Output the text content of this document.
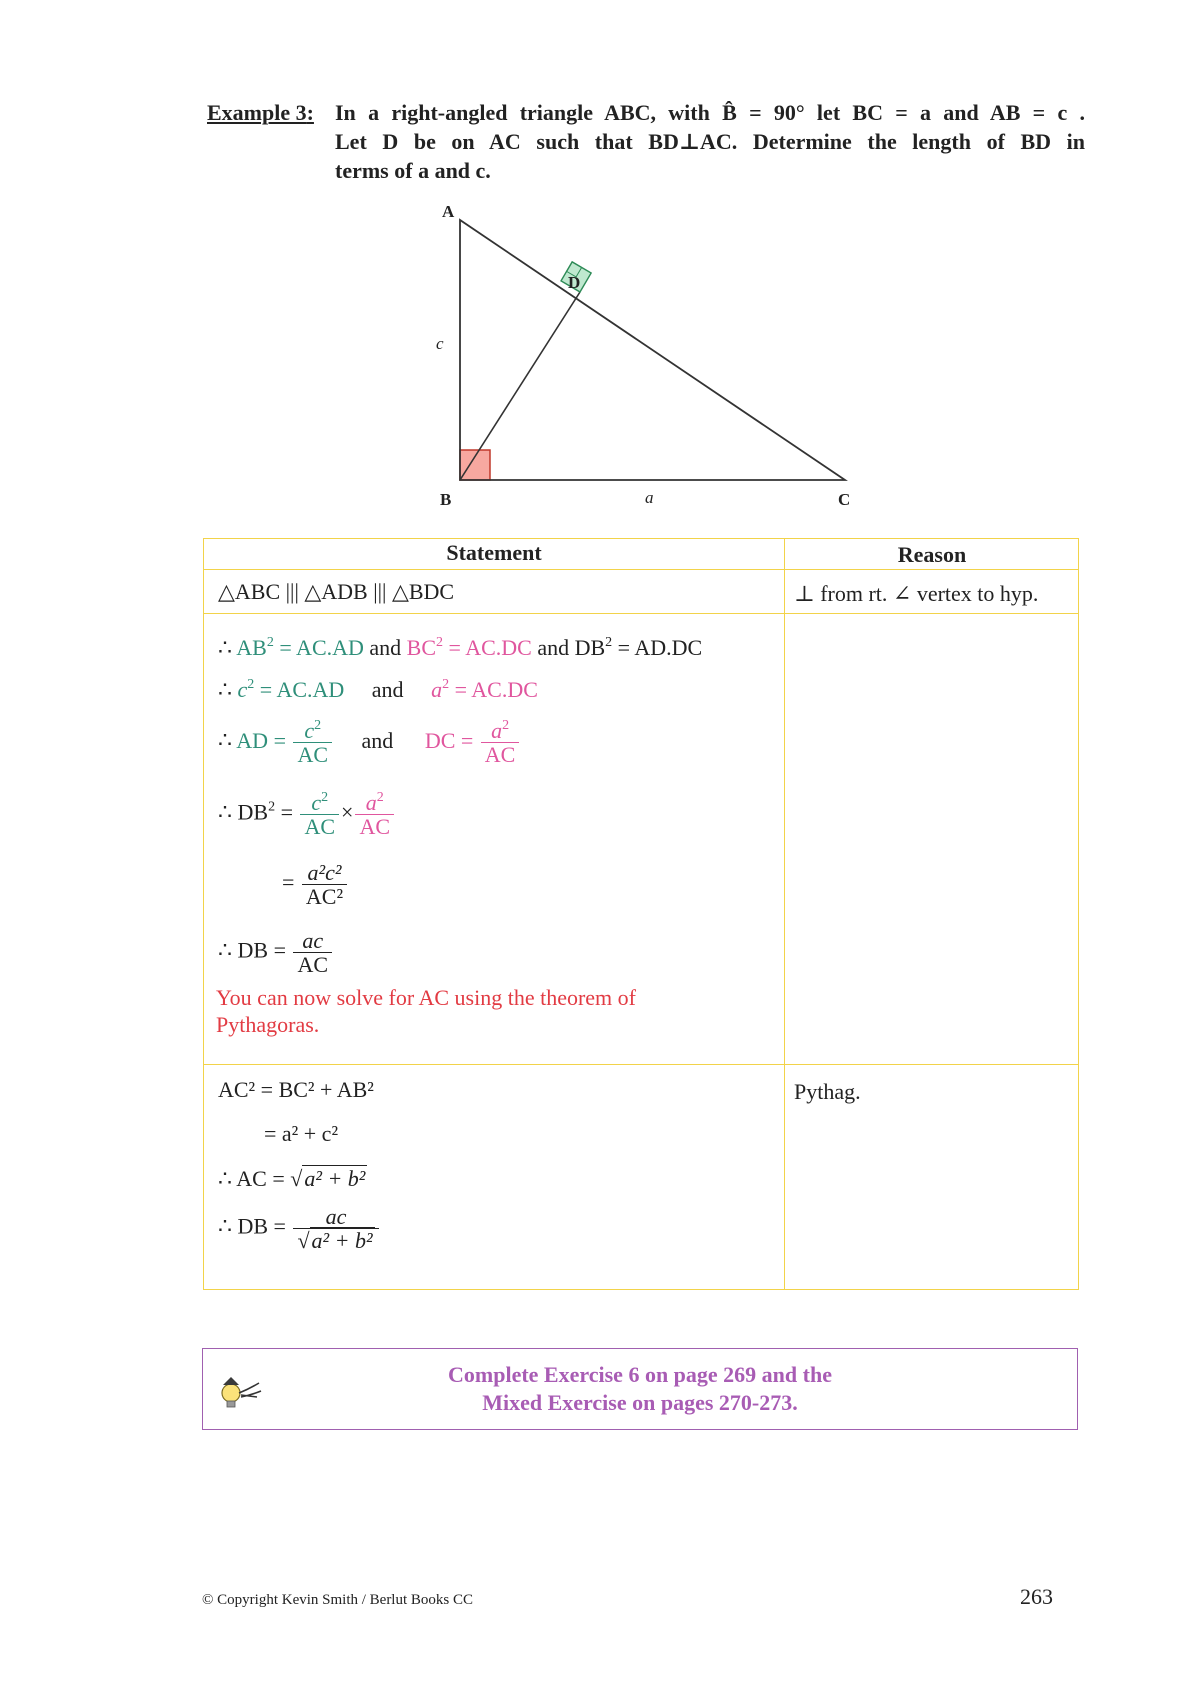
Example 3: In a right-angled triangle ABC, with B̂ = 90° let BC = a and AB = c .
Let D be on AC such that BD⊥AC. Determine the length of BD in
terms of a and c.
A
D
c
B	a	C
Statement	Reason
△ABC ||| △ADB ||| △BDC	⊥ from rt. ∠ vertex to hyp.
∴ $AB^2 = AC.AD$ and $BC^2 = AC.DC$ and $DB^2 = AD.DC$
∴ $c^2 = AC.AD$ and $a^2 = AC.DC$
∴ AD = $\frac{c^2}{AC}$ and DC = $\frac{a^2}{AC}$
∴ $DB^2 = \frac{c^2}{AC} \times \frac{a^2}{AC}$
= $\frac{\text{a²c²}}{\text{AC²}}$
∴ DB = $\frac{ac}{AC}$
You can now solve for AC using the theorem of
Pythagoras.
AC² = BC² + AB²	Pythag.
= a² + c²
∴ AC = √a² + b²
∴ DB = $\frac{ac}{\text{√a² + b²}}$
Complete Exercise 6 on page 269 and the
Mixed Exercise on pages 270-273.
© Copyright Kevin Smith / Berlut Books CC	263
